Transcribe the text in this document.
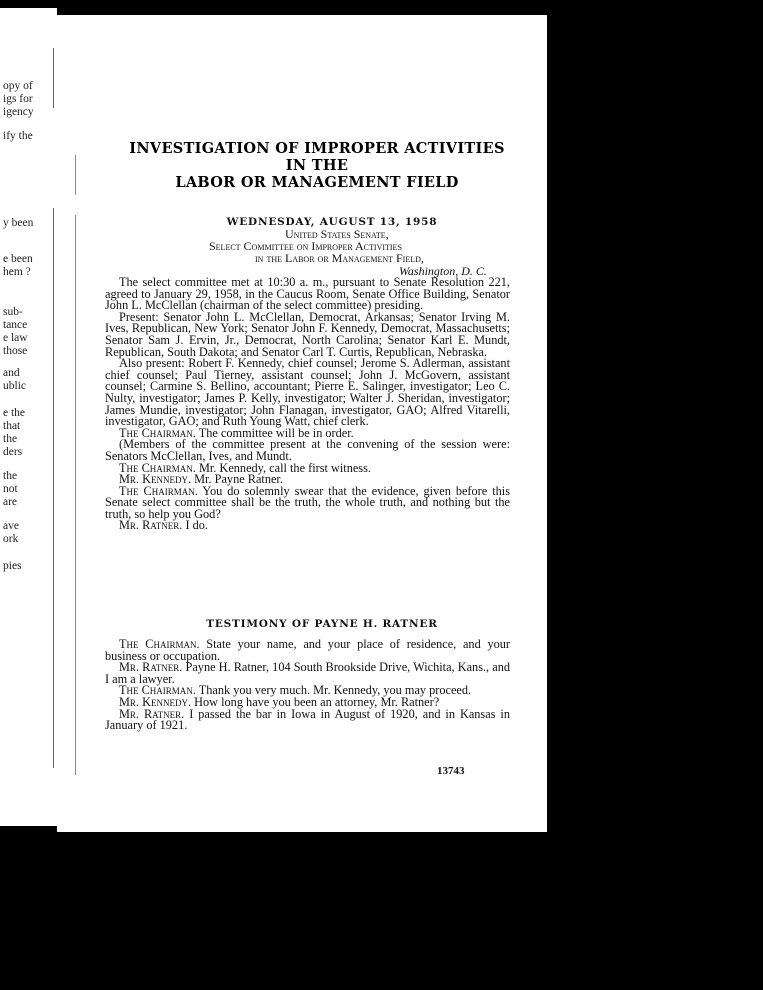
opy of
igs for
igency
ify the
y been
e been
hem ?
sub-
tance
e law
those
and
ublic
e the
that
the
ders
the
not
are
ave
ork
pies
INVESTIGATION OF IMPROPER ACTIVITIES IN THE
LABOR OR MANAGEMENT FIELD
WEDNESDAY, AUGUST 13, 1958
United States Senate,
Select Committee on Improper Activities
in the Labor or Management Field,
Washington, D. C.

The select committee met at 10:30 a. m., pursuant to Senate Resolution 221, agreed to January 29, 1958, in the Caucus Room, Senate Office Building, Senator John L. McClellan (chairman of the select committee) presiding.

Present: Senator John L. McClellan, Democrat, Arkansas; Senator Irving M. Ives, Republican, New York; Senator John F. Kennedy, Democrat, Massachusetts; Senator Sam J. Ervin, Jr., Democrat, North Carolina; Senator Karl E. Mundt, Republican, South Dakota; and Senator Carl T. Curtis, Republican, Nebraska.

Also present: Robert F. Kennedy, chief counsel; Jerome S. Adlerman, assistant chief counsel; Paul Tierney, assistant counsel; John J. McGovern, assistant counsel; Carmine S. Bellino, accountant; Pierre E. Salinger, investigator; Leo C. Nulty, investigator; James P. Kelly, investigator; Walter J. Sheridan, investigator; James Mundie, investigator; John Flanagan, investigator, GAO; Alfred Vitarelli, investigator, GAO; and Ruth Young Watt, chief clerk.

The Chairman. The committee will be in order.

(Members of the committee present at the convening of the session were: Senators McClellan, Ives, and Mundt.

The Chairman. Mr. Kennedy, call the first witness.

Mr. Kennedy. Mr. Payne Ratner.

The Chairman. You do solemnly swear that the evidence, given before this Senate select committee shall be the truth, the whole truth, and nothing but the truth, so help you God?

Mr. Ratner. I do.

TESTIMONY OF PAYNE H. RATNER

The Chairman. State your name, and your place of residence, and your business or occupation.

Mr. Ratner. Payne H. Ratner, 104 South Brookside Drive, Wichita, Kans., and I am a lawyer.

The Chairman. Thank you very much. Mr. Kennedy, you may proceed.

Mr. Kennedy. How long have you been an attorney, Mr. Ratner?

Mr. Ratner. I passed the bar in Iowa in August of 1920, and in Kansas in January of 1921.

13743
